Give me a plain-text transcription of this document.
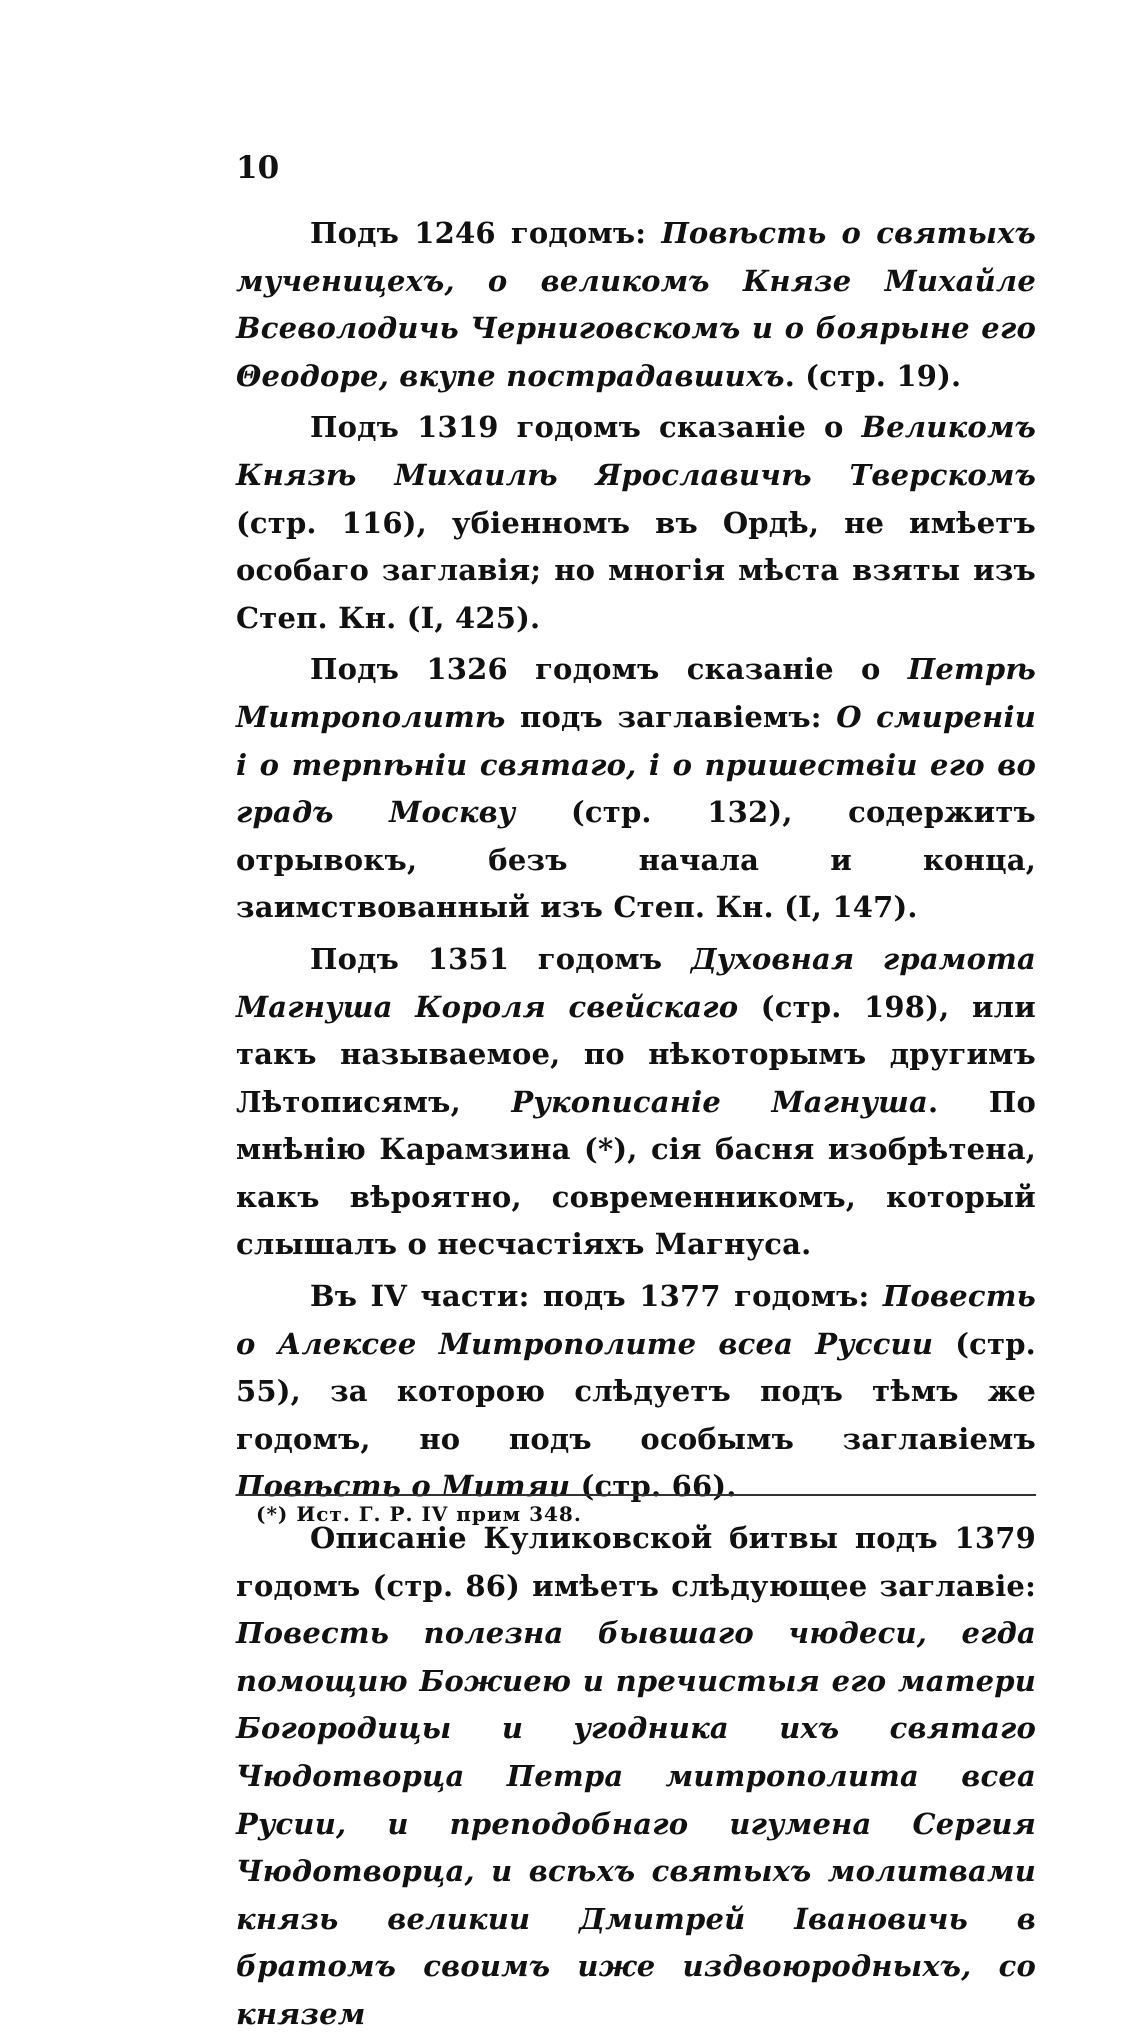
10

Подъ 1246 годомъ: Повѣсть о святыхъ мученицехъ, о великомъ Князе Михайле Всеволодичь Черниговскомъ и о боярыне его Θеодоре, вкупе пострадавшихъ. (стр. 19).

Подъ 1319 годомъ сказаніе о Великомъ Князѣ Михаилѣ Ярославичѣ Тверскомъ (стр. 116), убіенномъ въ Ордѣ, не имѣетъ особаго заглавія; но многія мѣста взяты изъ Степ. Кн. (I, 425).

Подъ 1326 годомъ сказаніе о Петрѣ Митрополитѣ подъ заглавіемъ: О смиреніи і о терпѣніи святаго, і о пришествіи его во градъ Москву (стр. 132), содержитъ отрывокъ, безъ начала и конца, заимствованный изъ Степ. Кн. (I, 147).

Подъ 1351 годомъ Духовная грамота Магнуша Короля свейскаго (стр. 198), или такъ называемое, по нѣкоторымъ другимъ Лѣтописямъ, Рукописаніе Магнуша. По мнѣнію Карамзина (*), сія басня изобрѣтена, какъ вѣроятно, современникомъ, который слышалъ о несчастіяхъ Магнуса.

Въ IV части: подъ 1377 годомъ: Повесть о Алексее Митрополите всеа Руссии (стр. 55), за которою слѣдуетъ подъ тѣмъ же годомъ, но подъ особымъ заглавіемъ Повѣсть о Митяи (стр. 66).

Описаніе Куликовской битвы подъ 1379 годомъ (стр. 86) имѣетъ слѣдующее заглавіе: Повесть полезна бывшаго чюдеси, егда помощию Божиею и пречистыя его матери Богородицы и угодника ихъ святаго Чюдотворца Петра митрополита всеа Русии, и преподобнаго игумена Сергия Чюдотворца, и всѣхъ святыхъ молитвами князь великии Дмитрей Івановичь в братомъ своимъ иже издвоюродныхъ, со князем

(*) Ист. Г. Р. IV прим 348.
